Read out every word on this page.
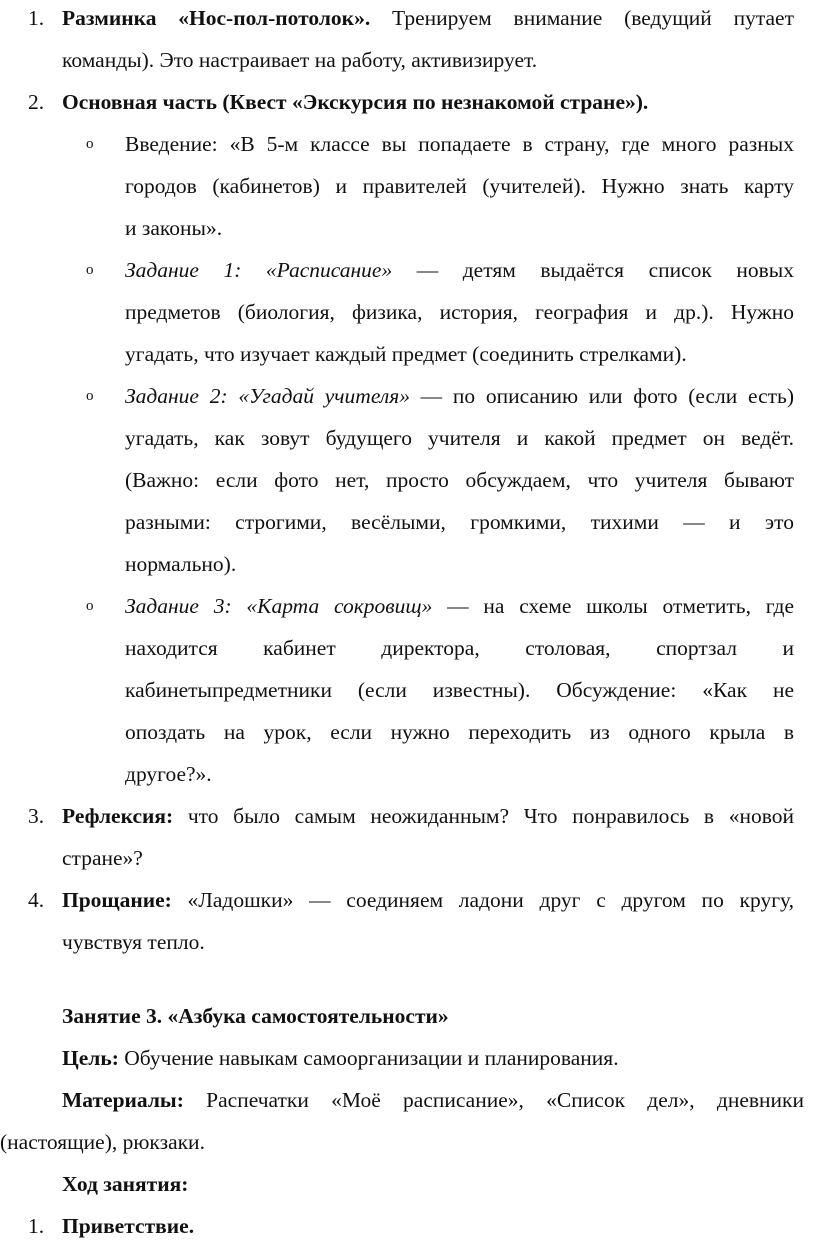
1. Разминка «Нос-пол-потолок». Тренируем внимание (ведущий путает
команды). Это настраивает на работу, активизирует.
2. Основная часть (Квест «Экскурсия по незнакомой стране»).
o Введение: «В 5-м классе вы попадаете в страну, где много разных
городов (кабинетов) и правителей (учителей). Нужно знать карту
и законы».
o Задание 1: «Расписание» — детям выдаётся список новых
предметов (биология, физика, история, география и др.). Нужно
угадать, что изучает каждый предмет (соединить стрелками).
o Задание 2: «Угадай учителя» — по описанию или фото (если есть)
угадать, как зовут будущего учителя и какой предмет он ведёт.
(Важно: если фото нет, просто обсуждаем, что учителя бывают
разными: строгими, весёлыми, громкими, тихими — и это
нормально).
o Задание 3: «Карта сокровищ» — на схеме школы отметить, где
находится кабинет директора, столовая, спортзал и
кабинетыпредметники (если известны). Обсуждение: «Как не
опоздать на урок, если нужно переходить из одного крыла в
другое?».
3. Рефлексия: что было самым неожиданным? Что понравилось в «новой
стране»?
4. Прощание: «Ладошки» — соединяем ладони друг с другом по кругу,
чувствуя тепло.
Занятие 3. «Азбука самостоятельности»
Цель: Обучение навыкам самоорганизации и планирования.
Материалы: Распечатки «Моё расписание», «Список дел», дневники
(настоящие), рюкзаки.
Ход занятия:
1. Приветствие.
